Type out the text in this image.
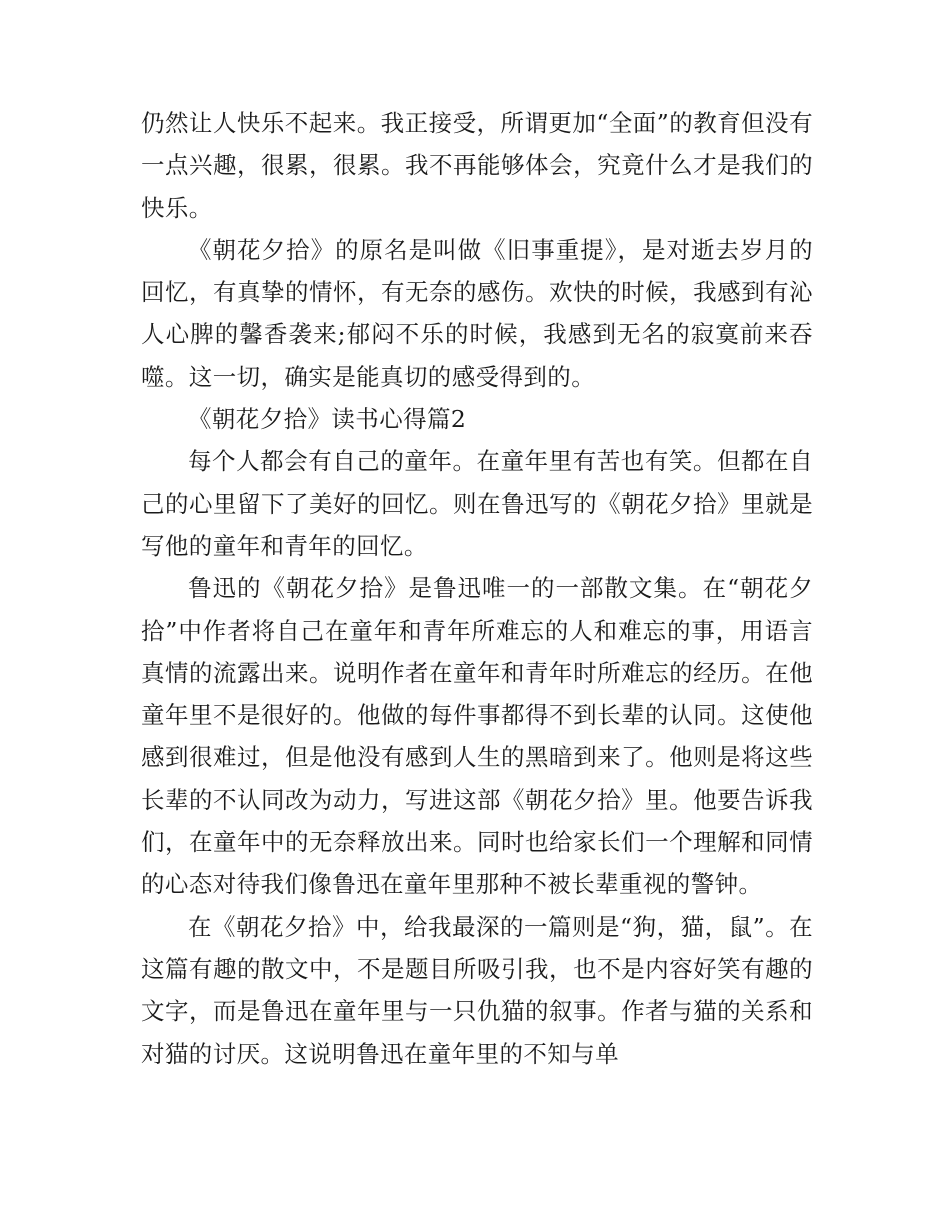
仍然让人快乐不起来。我正接受，所谓更加“全面”的教育但没有一点兴趣，很累，很累。我不再能够体会，究竟什么才是我们的快乐。

《朝花夕拾》的原名是叫做《旧事重提》，是对逝去岁月的回忆，有真挚的情怀，有无奈的感伤。欢快的时候，我感到有沁人心脾的馨香袭来;郁闷不乐的时候，我感到无名的寂寞前来吞噬。这一切，确实是能真切的感受得到的。

《朝花夕拾》读书心得篇2

每个人都会有自己的童年。在童年里有苦也有笑。但都在自己的心里留下了美好的回忆。则在鲁迅写的《朝花夕拾》里就是写他的童年和青年的回忆。

鲁迅的《朝花夕拾》是鲁迅唯一的一部散文集。在“朝花夕拾”中作者将自己在童年和青年所难忘的人和难忘的事，用语言真情的流露出来。说明作者在童年和青年时所难忘的经历。在他童年里不是很好的。他做的每件事都得不到长辈的认同。这使他感到很难过，但是他没有感到人生的黑暗到来了。他则是将这些长辈的不认同改为动力，写进这部《朝花夕拾》里。他要告诉我们，在童年中的无奈释放出来。同时也给家长们一个理解和同情的心态对待我们像鲁迅在童年里那种不被长辈重视的警钟。

在《朝花夕拾》中，给我最深的一篇则是“狗，猫，鼠”。在这篇有趣的散文中，不是题目所吸引我，也不是内容好笑有趣的文字，而是鲁迅在童年里与一只仇猫的叙事。作者与猫的关系和对猫的讨厌。这说明鲁迅在童年里的不知与单
